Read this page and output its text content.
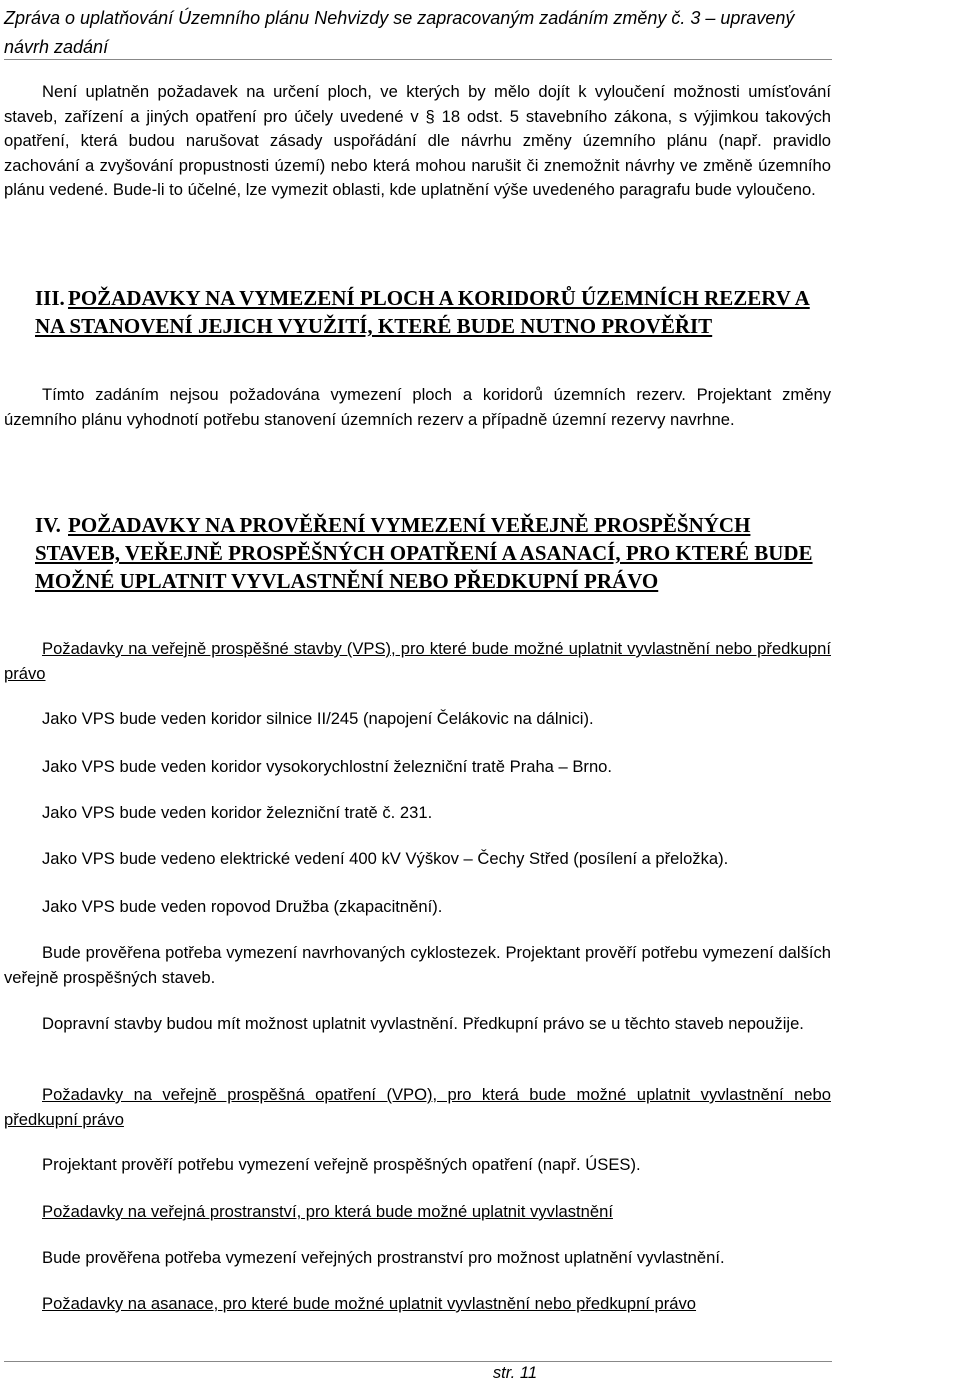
Zpráva o uplatňování Územního plánu Nehvizdy se zapracovaným zadáním změny č. 3 – upravený návrh zadání
Není uplatněn požadavek na určení ploch, ve kterých by mělo dojít k vyloučení možnosti umísťování staveb, zařízení a jiných opatření pro účely uvedené v § 18 odst. 5 stavebního zákona, s výjimkou takových opatření, která budou narušovat zásady uspořádání dle návrhu změny územního plánu (např. pravidlo zachování a zvyšování propustnosti území) nebo která mohou narušit či znemožnit návrhy ve změně územního plánu vedené. Bude-li to účelné, lze vymezit oblasti, kde uplatnění výše uvedeného paragrafu bude vyloučeno.
III. POŽADAVKY NA VYMEZENÍ PLOCH A KORIDORŮ ÚZEMNÍCH REZERV A NA STANOVENÍ JEJICH VYUŽITÍ, KTERÉ BUDE NUTNO PROVĚŘIT
Tímto zadáním nejsou požadována vymezení ploch a koridorů územních rezerv. Projektant změny územního plánu vyhodnotí potřebu stanovení územních rezerv a případně územní rezervy navrhne.
IV. POŽADAVKY NA PROVĚŘENÍ VYMEZENÍ VEŘEJNĚ PROSPĚŠNÝCH STAVEB, VEŘEJNĚ PROSPĚŠNÝCH OPATŘENÍ A ASANACÍ, PRO KTERÉ BUDE MOŽNÉ UPLATNIT VYVLASTNĚNÍ NEBO PŘEDKUPNÍ PRÁVO
Požadavky na veřejně prospěšné stavby (VPS), pro které bude možné uplatnit vyvlastnění nebo předkupní právo
Jako VPS bude veden koridor silnice II/245 (napojení Čelákovic na dálnici).
Jako VPS bude veden koridor vysokorychlostní železniční tratě Praha – Brno.
Jako VPS bude veden koridor železniční tratě č. 231.
Jako VPS bude vedeno elektrické vedení 400 kV Výškov – Čechy Střed (posílení a přeložka).
Jako VPS bude veden ropovod Družba (zkapacitnění).
Bude prověřena potřeba vymezení navrhovaných cyklostezek. Projektant prověří potřebu vymezení dalších veřejně prospěšných staveb.
Dopravní stavby budou mít možnost uplatnit vyvlastnění. Předkupní právo se u těchto staveb nepoužije.
Požadavky na veřejně prospěšná opatření (VPO), pro která bude možné uplatnit vyvlastnění nebo předkupní právo
Projektant prověří potřebu vymezení veřejně prospěšných opatření (např. ÚSES).
Požadavky na veřejná prostranství, pro která bude možné uplatnit vyvlastnění
Bude prověřena potřeba vymezení veřejných prostranství pro možnost uplatnění vyvlastnění.
Požadavky na asanace, pro které bude možné uplatnit vyvlastnění nebo předkupní právo
str. 11
